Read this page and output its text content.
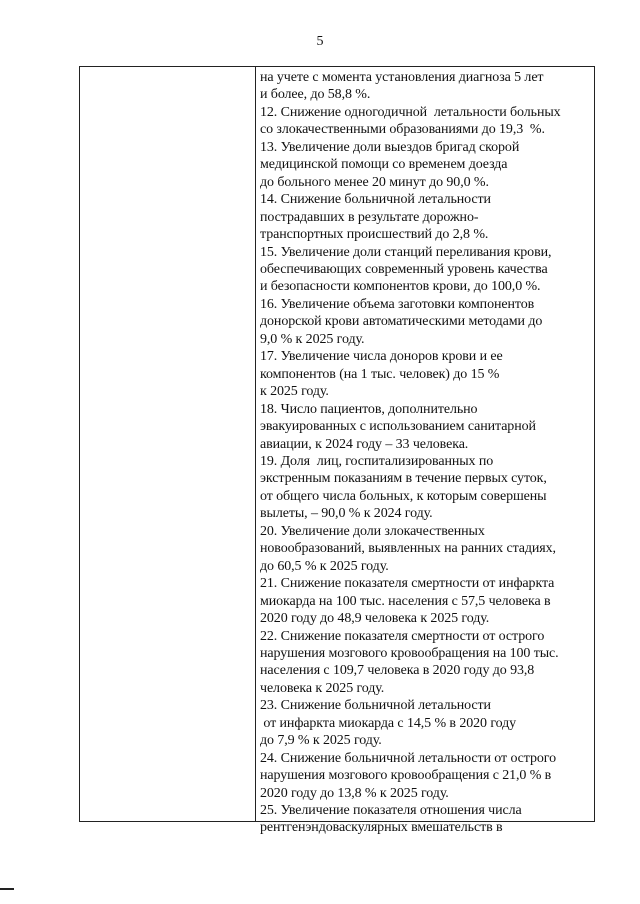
5
на учете с момента установления диагноза 5 лет
и более, до 58,8 %.
12. Снижение одногодичной  летальности больных
со злокачественными образованиями до 19,3  %.
13. Увеличение доли выездов бригад скорой
медицинской помощи со временем доезда
до больного менее 20 минут до 90,0 %.
14. Снижение больничной летальности
пострадавших в результате дорожно-
транспортных происшествий до 2,8 %.
15. Увеличение доли станций переливания крови,
обеспечивающих современный уровень качества
и безопасности компонентов крови, до 100,0 %.
16. Увеличение объема заготовки компонентов
донорской крови автоматическими методами до
9,0 % к 2025 году.
17. Увеличение числа доноров крови и ее
компонентов (на 1 тыс. человек) до 15 %
к 2025 году.
18. Число пациентов, дополнительно
эвакуированных с использованием санитарной
авиации, к 2024 году – 33 человека.
19. Доля  лиц, госпитализированных по
экстренным показаниям в течение первых суток,
от общего числа больных, к которым совершены
вылеты, – 90,0 % к 2024 году.
20. Увеличение доли злокачественных
новообразований, выявленных на ранних стадиях,
до 60,5 % к 2025 году.
21. Снижение показателя смертности от инфаркта
миокарда на 100 тыс. населения с 57,5 человека в
2020 году до 48,9 человека к 2025 году.
22. Снижение показателя смертности от острого
нарушения мозгового кровообращения на 100 тыс.
населения с 109,7 человека в 2020 году до 93,8
человека к 2025 году.
23. Снижение больничной летальности
от инфаркта миокарда с 14,5 % в 2020 году
до 7,9 % к 2025 году.
24. Снижение больничной летальности от острого
нарушения мозгового кровообращения с 21,0 % в
2020 году до 13,8 % к 2025 году.
25. Увеличение показателя отношения числа
рентгенэндоваскулярных вмешательств в
